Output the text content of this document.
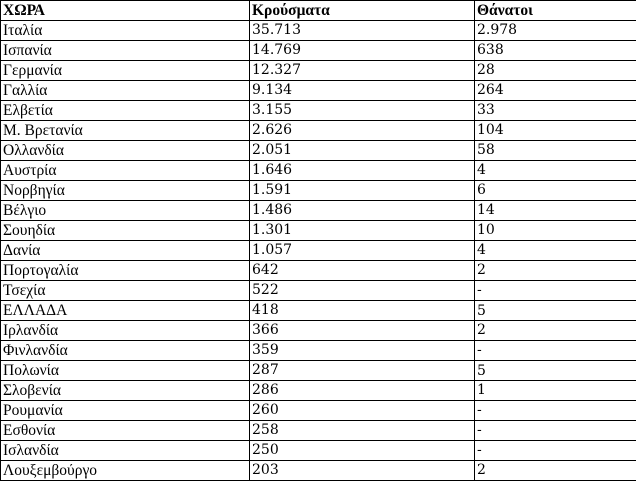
ΧΩΡΑ	Κρούσματα	Θάνατοι
Ιταλία	35.713	2.978
Ισπανία	14.769	638
Γερμανία	12.327	28
Γαλλία	9.134	264
Ελβετία	3.155	33
Μ. Βρετανία	2.626	104
Ολλανδία	2.051	58
Αυστρία	1.646	4
Νορβηγία	1.591	6
Βέλγιο	1.486	14
Σουηδία	1.301	10
Δανία	1.057	4
Πορτογαλία	642	2
Τσεχία	522	-
ΕΛΛΑΔΑ	418	5
Ιρλανδία	366	2
Φινλανδία	359	-
Πολωνία	287	5
Σλοβενία	286	1
Ρουμανία	260	-
Εσθονία	258	-
Ισλανδία	250	-
Λουξεμβούργο	203	2
